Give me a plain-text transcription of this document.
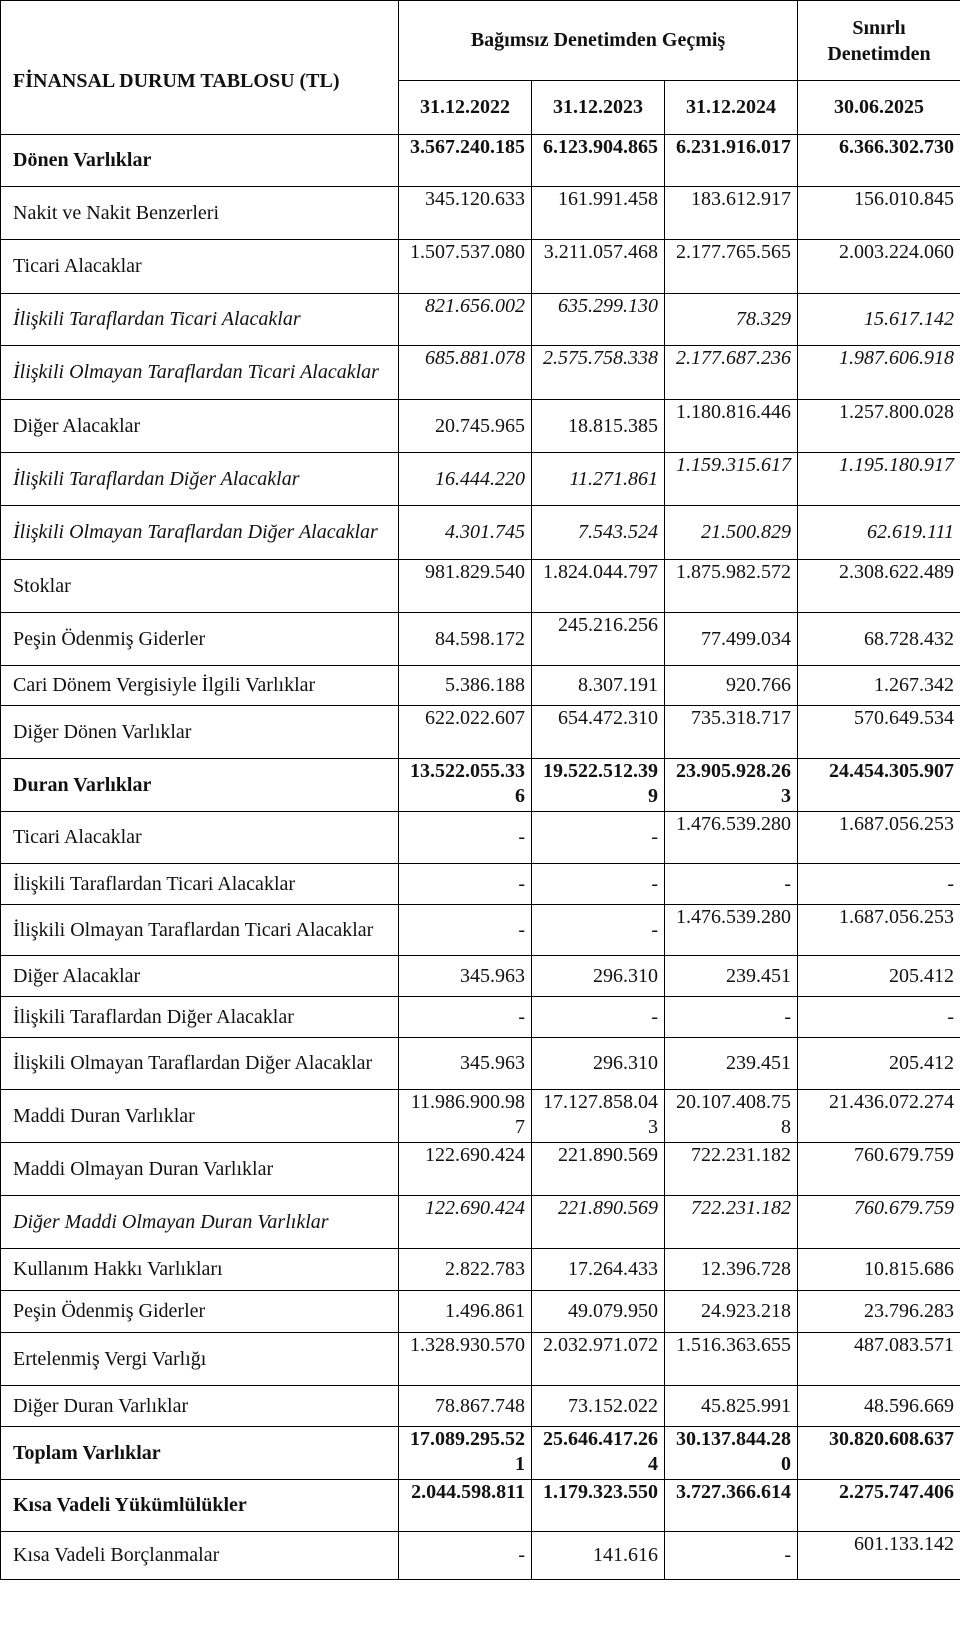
FİNANSAL DURUM TABLOSU (TL)	Bağımsız Denetimden Geçmiş			Sınırlı Denetimden
	31.12.2022	31.12.2023	31.12.2024	30.06.2025
Dönen Varlıklar	3.567.240.185	6.123.904.865	6.231.916.017	6.366.302.730
Nakit ve Nakit Benzerleri	345.120.633	161.991.458	183.612.917	156.010.845
Ticari Alacaklar	1.507.537.080	3.211.057.468	2.177.765.565	2.003.224.060
İlişkili Taraflardan Ticari Alacaklar	821.656.002	635.299.130	78.329	15.617.142
İlişkili Olmayan Taraflardan Ticari Alacaklar	685.881.078	2.575.758.338	2.177.687.236	1.987.606.918
Diğer Alacaklar	20.745.965	18.815.385	1.180.816.446	1.257.800.028
İlişkili Taraflardan Diğer Alacaklar	16.444.220	11.271.861	1.159.315.617	1.195.180.917
İlişkili Olmayan Taraflardan Diğer Alacaklar	4.301.745	7.543.524	21.500.829	62.619.111
Stoklar	981.829.540	1.824.044.797	1.875.982.572	2.308.622.489
Peşin Ödenmiş Giderler	84.598.172	245.216.256	77.499.034	68.728.432
Cari Dönem Vergisiyle İlgili Varlıklar	5.386.188	8.307.191	920.766	1.267.342
Diğer Dönen Varlıklar	622.022.607	654.472.310	735.318.717	570.649.534
Duran Varlıklar	13.522.055.336	19.522.512.399	23.905.928.263	24.454.305.907
Ticari Alacaklar	-	-	1.476.539.280	1.687.056.253
İlişkili Taraflardan Ticari Alacaklar	-	-	-	-
İlişkili Olmayan Taraflardan Ticari Alacaklar	-	-	1.476.539.280	1.687.056.253
Diğer Alacaklar	345.963	296.310	239.451	205.412
İlişkili Taraflardan Diğer Alacaklar	-	-	-	-
İlişkili Olmayan Taraflardan Diğer Alacaklar	345.963	296.310	239.451	205.412
Maddi Duran Varlıklar	11.986.900.987	17.127.858.043	20.107.408.758	21.436.072.274
Maddi Olmayan Duran Varlıklar	122.690.424	221.890.569	722.231.182	760.679.759
Diğer Maddi Olmayan Duran Varlıklar	122.690.424	221.890.569	722.231.182	760.679.759
Kullanım Hakkı Varlıkları	2.822.783	17.264.433	12.396.728	10.815.686
Peşin Ödenmiş Giderler	1.496.861	49.079.950	24.923.218	23.796.283
Ertelenmiş Vergi Varlığı	1.328.930.570	2.032.971.072	1.516.363.655	487.083.571
Diğer Duran Varlıklar	78.867.748	73.152.022	45.825.991	48.596.669
Toplam Varlıklar	17.089.295.521	25.646.417.264	30.137.844.280	30.820.608.637
Kısa Vadeli Yükümlülükler	2.044.598.811	1.179.323.550	3.727.366.614	2.275.747.406
Kısa Vadeli Borçlanmalar	-	141.616	-	601.133.142
